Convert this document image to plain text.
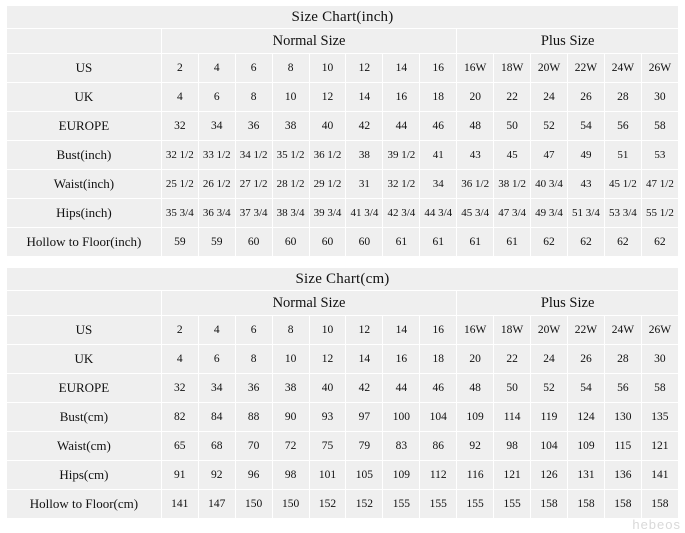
Size Chart(inch)														
	Normal Size								Plus Size					
US	2	4	6	8	10	12	14	16	16W	18W	20W	22W	24W	26W
UK	4	6	8	10	12	14	16	18	20	22	24	26	28	30
EUROPE	32	34	36	38	40	42	44	46	48	50	52	54	56	58
Bust(inch)	32 1/2	33 1/2	34 1/2	35 1/2	36 1/2	38	39 1/2	41	43	45	47	49	51	53
Waist(inch)	25 1/2	26 1/2	27 1/2	28 1/2	29 1/2	31	32 1/2	34	36 1/2	38 1/2	40 3/4	43	45 1/2	47 1/2
Hips(inch)	35 3/4	36 3/4	37 3/4	38 3/4	39 3/4	41 3/4	42 3/4	44 3/4	45 3/4	47 3/4	49 3/4	51 3/4	53 3/4	55 1/2
Hollow to Floor(inch)	59	59	60	60	60	60	61	61	61	61	62	62	62	62
Size Chart(cm)														
	Normal Size								Plus Size					
US	2	4	6	8	10	12	14	16	16W	18W	20W	22W	24W	26W
UK	4	6	8	10	12	14	16	18	20	22	24	26	28	30
EUROPE	32	34	36	38	40	42	44	46	48	50	52	54	56	58
Bust(cm)	82	84	88	90	93	97	100	104	109	114	119	124	130	135
Waist(cm)	65	68	70	72	75	79	83	86	92	98	104	109	115	121
Hips(cm)	91	92	96	98	101	105	109	112	116	121	126	131	136	141
Hollow to Floor(cm)	141	147	150	150	152	152	155	155	155	155	158	158	158	158
hebeos
